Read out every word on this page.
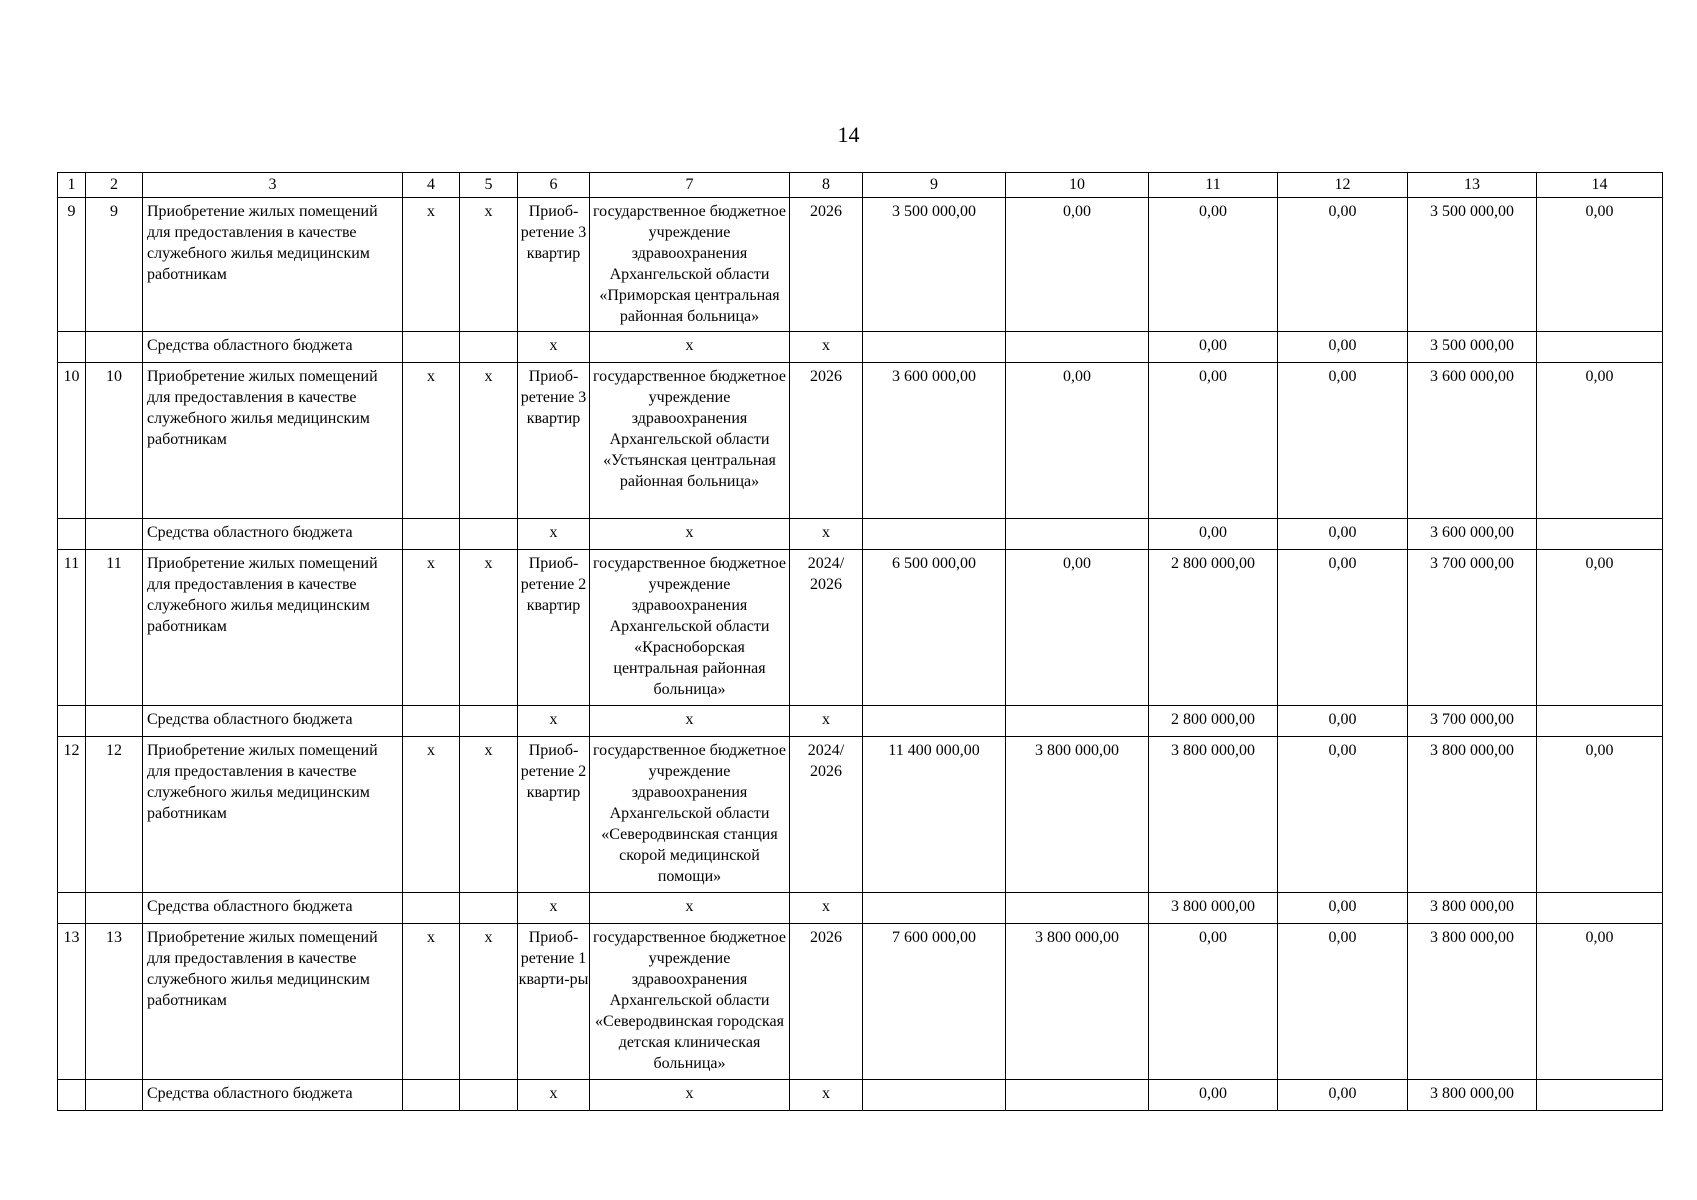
14
1	2	3	4	5	6	7	8	9	10	11	12	13	14
9	9	Приобретение жилых помещений для предоставления в качестве служебного жилья медицинским работникам	х	х	Приоб-ретение 3 квартир	государственное бюджетное учреждение здравоохранения Архангельской области «Приморская центральная районная больница»	2026	3 500 000,00	0,00	0,00	0,00	3 500 000,00	0,00
		Средства областного бюджета			х	х	х			0,00	0,00	3 500 000,00	
10	10	Приобретение жилых помещений для предоставления в качестве служебного жилья медицинским работникам	х	х	Приоб-ретение 3 квартир	государственное бюджетное учреждение здравоохранения Архангельской области «Устьянская центральная районная больница»	2026	3 600 000,00	0,00	0,00	0,00	3 600 000,00	0,00
		Средства областного бюджета			х	х	х			0,00	0,00	3 600 000,00	
11	11	Приобретение жилых помещений для предоставления в качестве служебного жилья медицинским работникам	х	х	Приоб-ретение 2 квартир	государственное бюджетное учреждение здравоохранения Архангельской области «Красноборская центральная районная больница»	2024/ 2026	6 500 000,00	0,00	2 800 000,00	0,00	3 700 000,00	0,00
		Средства областного бюджета			х	х	х			2 800 000,00	0,00	3 700 000,00	
12	12	Приобретение жилых помещений для предоставления в качестве служебного жилья медицинским работникам	х	х	Приоб-ретение 2 квартир	государственное бюджетное учреждение здравоохранения Архангельской области «Северодвинская станция скорой медицинской помощи»	2024/ 2026	11 400 000,00	3 800 000,00	3 800 000,00	0,00	3 800 000,00	0,00
		Средства областного бюджета			х	х	х			3 800 000,00	0,00	3 800 000,00	
13	13	Приобретение жилых помещений для предоставления в качестве служебного жилья медицинским работникам	х	х	Приоб-ретение 1 кварти-ры	государственное бюджетное учреждение здравоохранения Архангельской области «Северодвинская городская детская клиническая больница»	2026	7 600 000,00	3 800 000,00	0,00	0,00	3 800 000,00	0,00
		Средства областного бюджета			х	х	х			0,00	0,00	3 800 000,00	
